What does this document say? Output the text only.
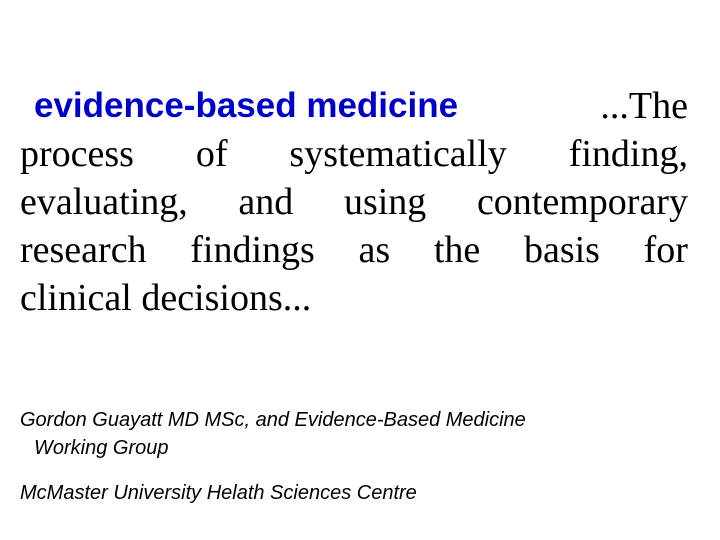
evidence-based medicine	...The
process of systematically finding,
evaluating, and using contemporary
research findings as the basis for
clinical decisions...
Gordon Guayatt MD MSc, and Evidence-Based Medicine
Working Group
McMaster University Helath Sciences Centre
